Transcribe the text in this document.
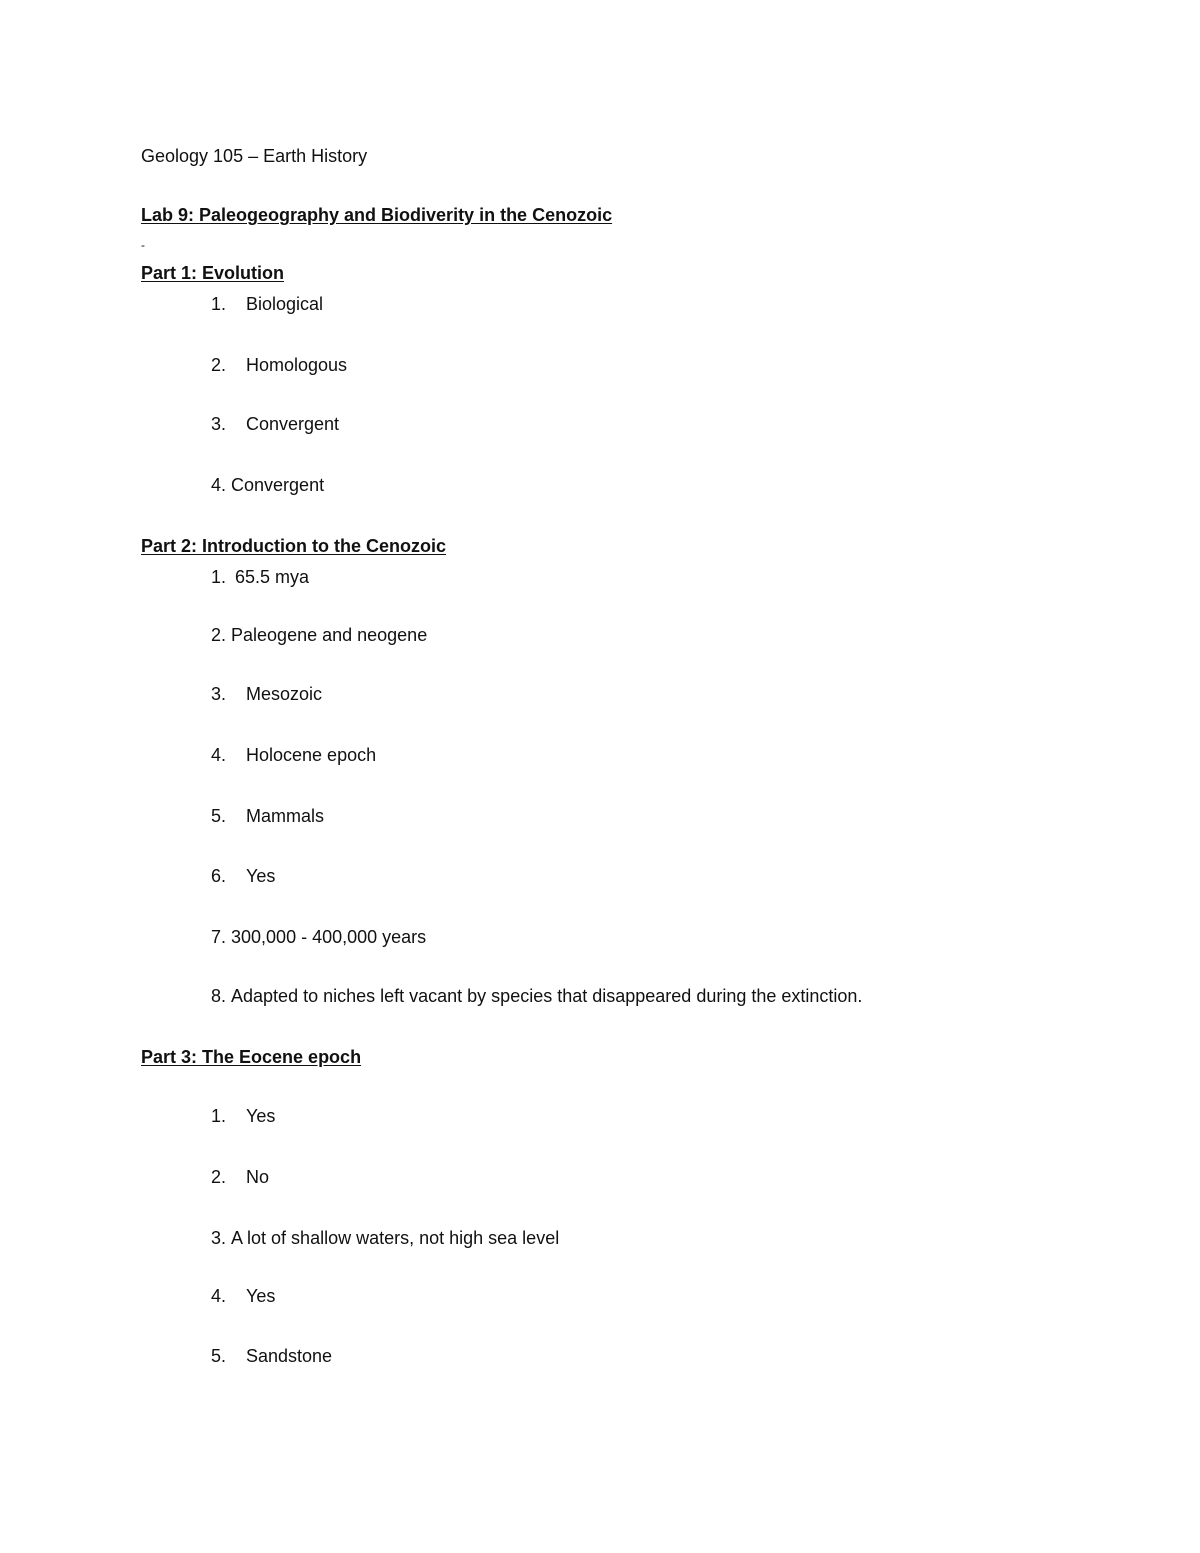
Geology 105 – Earth History
Lab 9: Paleogeography and Biodiverity in the Cenozoic
-
Part 1: Evolution
1. Biological
2. Homologous
3. Convergent
4. Convergent
Part 2: Introduction to the Cenozoic
1. 65.5 mya
2. Paleogene and neogene
3. Mesozoic
4. Holocene epoch
5. Mammals
6. Yes
7. 300,000 - 400,000 years
8. Adapted to niches left vacant by species that disappeared during the extinction.
Part 3: The Eocene epoch
1. Yes
2. No
3. A lot of shallow waters, not high sea level
4. Yes
5. Sandstone
